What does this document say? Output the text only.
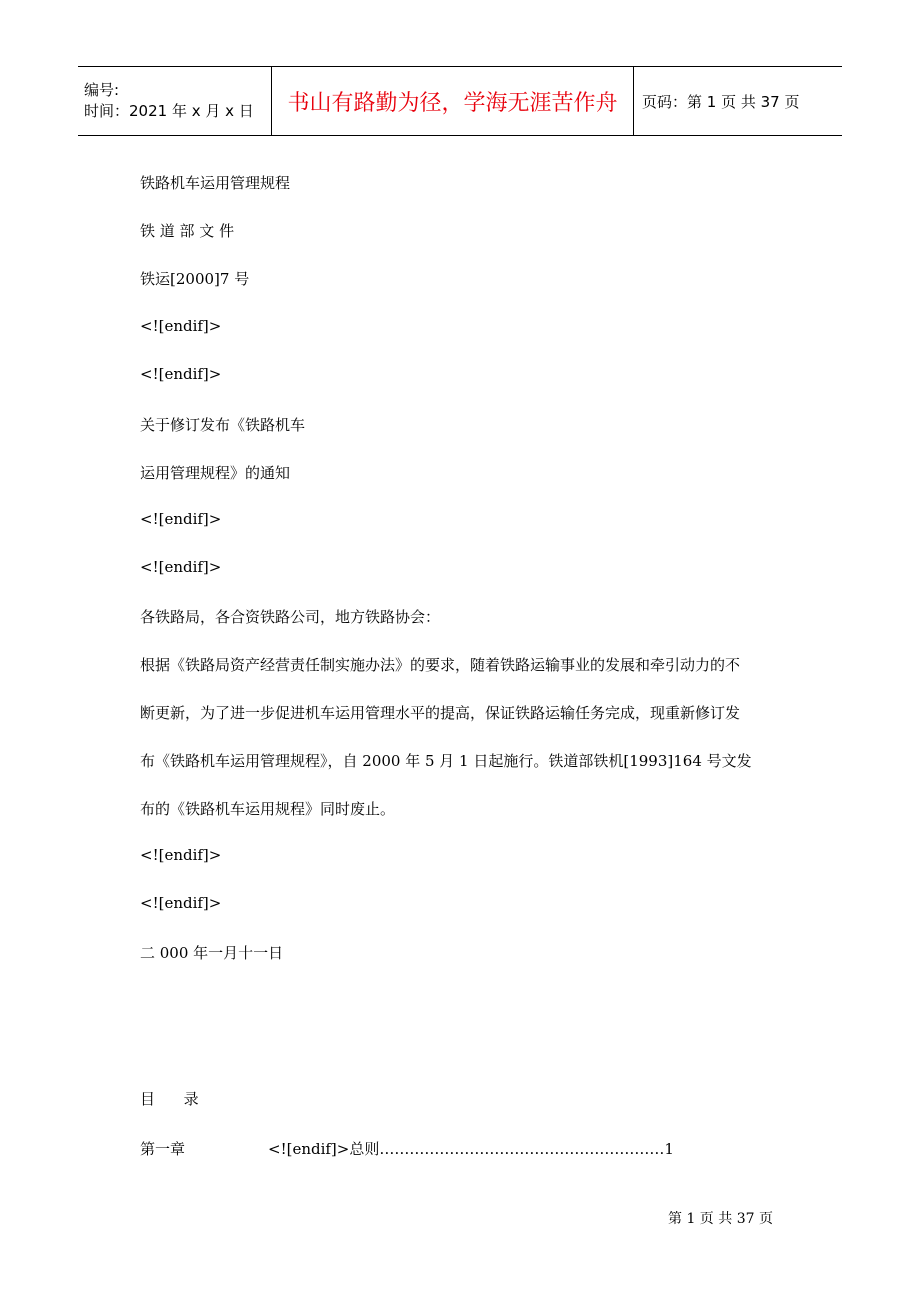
编号:
时间：2021 年 x 月 x 日	书山有路勤为径，学海无涯苦作舟 页码：第 1 页 共 37 页
铁路机车运用管理规程
铁 道 部 文 件
铁运[2000]7 号
<![endif]>
<![endif]>
关于修订发布《铁路机车
运用管理规程》的通知
<![endif]>
<![endif]>
各铁路局，各合资铁路公司，地方铁路协会：
根据《铁路局资产经营责任制实施办法》的要求，随着铁路运输事业的发展和牵引动力的不
断更新，为了进一步促进机车运用管理水平的提高，保证铁路运输任务完成，现重新修订发
布《铁路机车运用管理规程》，自 2000 年 5 月 1 日起施行。铁道部铁机[1993]164 号文发
布的《铁路机车运用规程》同时废止。
<![endif]>
<![endif]>
二 000 年一月十一日
目      录
第一章	<![endif]>总则…………………………………………………1
第 1 页 共 37 页
